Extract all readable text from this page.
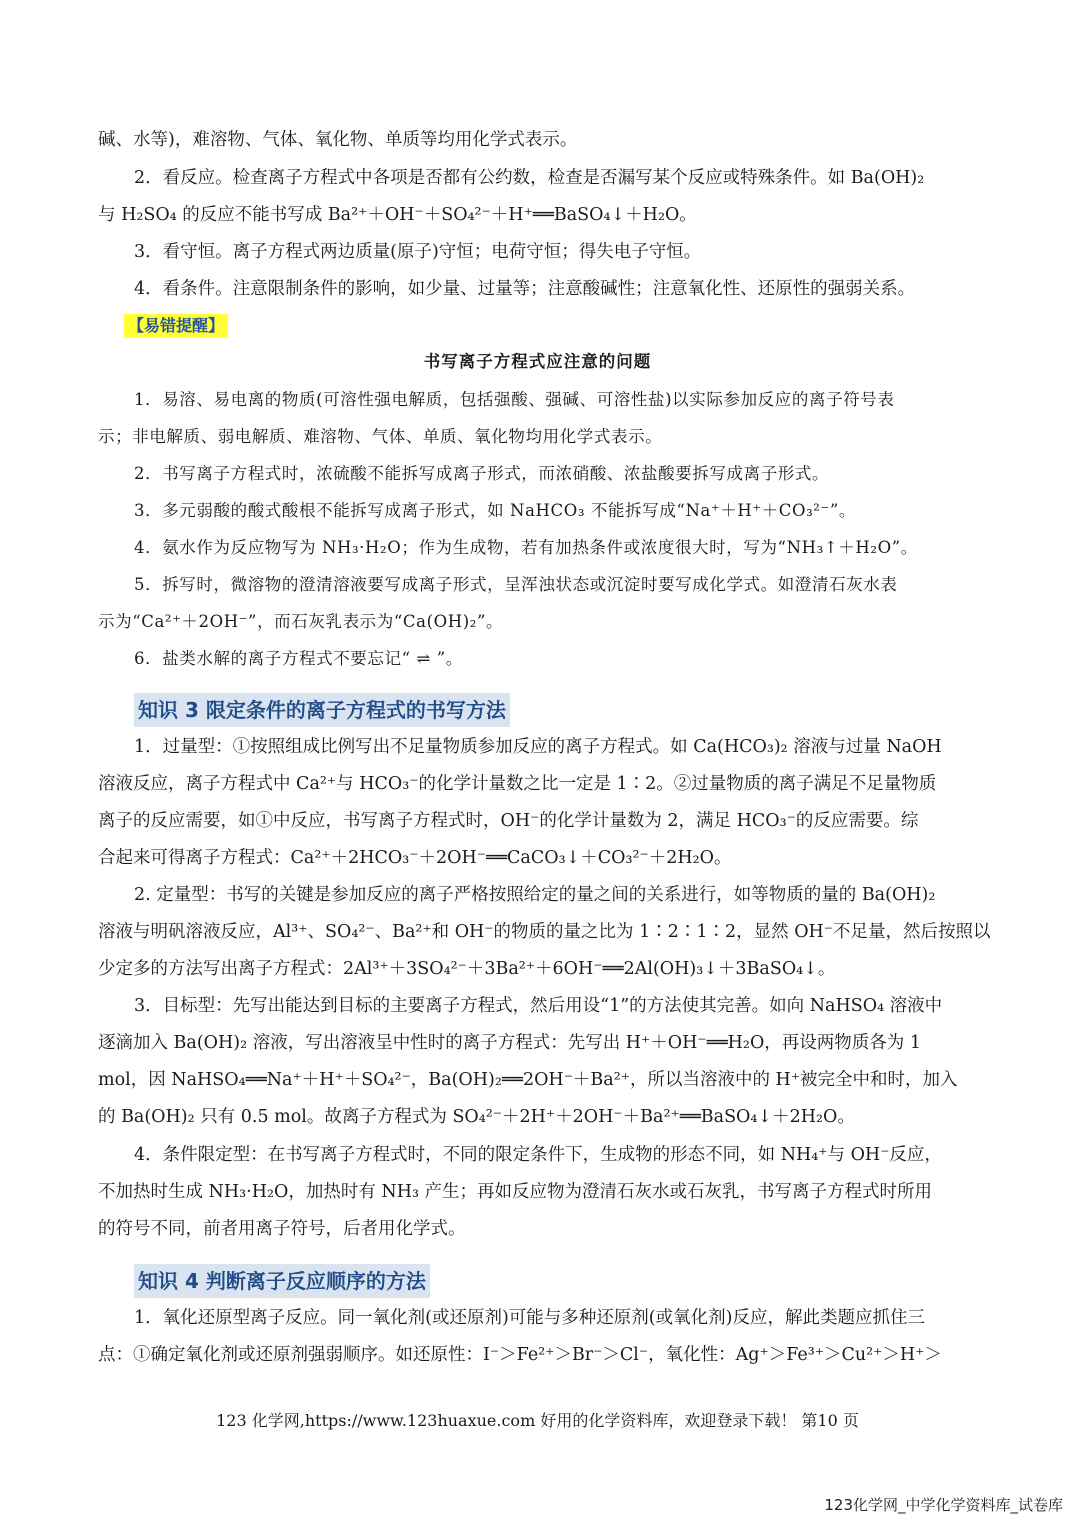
碱、水等)，难溶物、气体、氧化物、单质等均用化学式表示。
2．看反应。检查离子方程式中各项是否都有公约数，检查是否漏写某个反应或特殊条件。如 Ba(OH)₂
与 H₂SO₄ 的反应不能书写成 Ba²⁺＋OH⁻＋SO₄²⁻＋H⁺══BaSO₄↓＋H₂O。
3．看守恒。离子方程式两边质量(原子)守恒；电荷守恒；得失电子守恒。
4．看条件。注意限制条件的影响，如少量、过量等；注意酸碱性；注意氧化性、还原性的强弱关系。
【易错提醒】
书写离子方程式应注意的问题
1．易溶、易电离的物质(可溶性强电解质，包括强酸、强碱、可溶性盐)以实际参加反应的离子符号表
示；非电解质、弱电解质、难溶物、气体、单质、氧化物均用化学式表示。
2．书写离子方程式时，浓硫酸不能拆写成离子形式，而浓硝酸、浓盐酸要拆写成离子形式。
3．多元弱酸的酸式酸根不能拆写成离子形式，如 NaHCO₃ 不能拆写成“Na⁺＋H⁺＋CO₃²⁻”。
4．氨水作为反应物写为 NH₃·H₂O；作为生成物，若有加热条件或浓度很大时，写为“NH₃↑＋H₂O”。
5．拆写时，微溶物的澄清溶液要写成离子形式，呈浑浊状态或沉淀时要写成化学式。如澄清石灰水表
示为“Ca²⁺＋2OH⁻”，而石灰乳表示为“Ca(OH)₂”。
6．盐类水解的离子方程式不要忘记“ ⇌ ”。
知识 3 限定条件的离子方程式的书写方法
1．过量型：①按照组成比例写出不足量物质参加反应的离子方程式。如 Ca(HCO₃)₂ 溶液与过量 NaOH
溶液反应，离子方程式中 Ca²⁺与 HCO₃⁻的化学计量数之比一定是 1∶2。②过量物质的离子满足不足量物质
离子的反应需要，如①中反应，书写离子方程式时，OH⁻的化学计量数为 2，满足 HCO₃⁻的反应需要。综
合起来可得离子方程式：Ca²⁺＋2HCO₃⁻＋2OH⁻══CaCO₃↓＋CO₃²⁻＋2H₂O。
2. 定量型：书写的关键是参加反应的离子严格按照给定的量之间的关系进行，如等物质的量的 Ba(OH)₂
溶液与明矾溶液反应，Al³⁺、SO₄²⁻、Ba²⁺和 OH⁻的物质的量之比为 1∶2∶1∶2，显然 OH⁻不足量，然后按照以
少定多的方法写出离子方程式：2Al³⁺＋3SO₄²⁻＋3Ba²⁺＋6OH⁻══2Al(OH)₃↓＋3BaSO₄↓。
3．目标型：先写出能达到目标的主要离子方程式，然后用设“1”的方法使其完善。如向 NaHSO₄ 溶液中
逐滴加入 Ba(OH)₂ 溶液，写出溶液呈中性时的离子方程式：先写出 H⁺＋OH⁻══H₂O，再设两物质各为 1
mol，因 NaHSO₄══Na⁺＋H⁺＋SO₄²⁻，Ba(OH)₂══2OH⁻＋Ba²⁺，所以当溶液中的 H⁺被完全中和时，加入
的 Ba(OH)₂ 只有 0.5 mol。故离子方程式为 SO₄²⁻＋2H⁺＋2OH⁻＋Ba²⁺══BaSO₄↓＋2H₂O。
4．条件限定型：在书写离子方程式时，不同的限定条件下，生成物的形态不同，如 NH₄⁺与 OH⁻反应，
不加热时生成 NH₃·H₂O，加热时有 NH₃ 产生；再如反应物为澄清石灰水或石灰乳，书写离子方程式时所用
的符号不同，前者用离子符号，后者用化学式。
知识 4 判断离子反应顺序的方法
1．氧化还原型离子反应。同一氧化剂(或还原剂)可能与多种还原剂(或氧化剂)反应，解此类题应抓住三
点：①确定氧化剂或还原剂强弱顺序。如还原性：I⁻＞Fe²⁺＞Br⁻＞Cl⁻，氧化性：Ag⁺＞Fe³⁺＞Cu²⁺＞H⁺＞
123 化学网,https://www.123huaxue.com 好用的化学资料库，欢迎登录下载！ 第10 页
123化学网_中学化学资料库_试卷库
